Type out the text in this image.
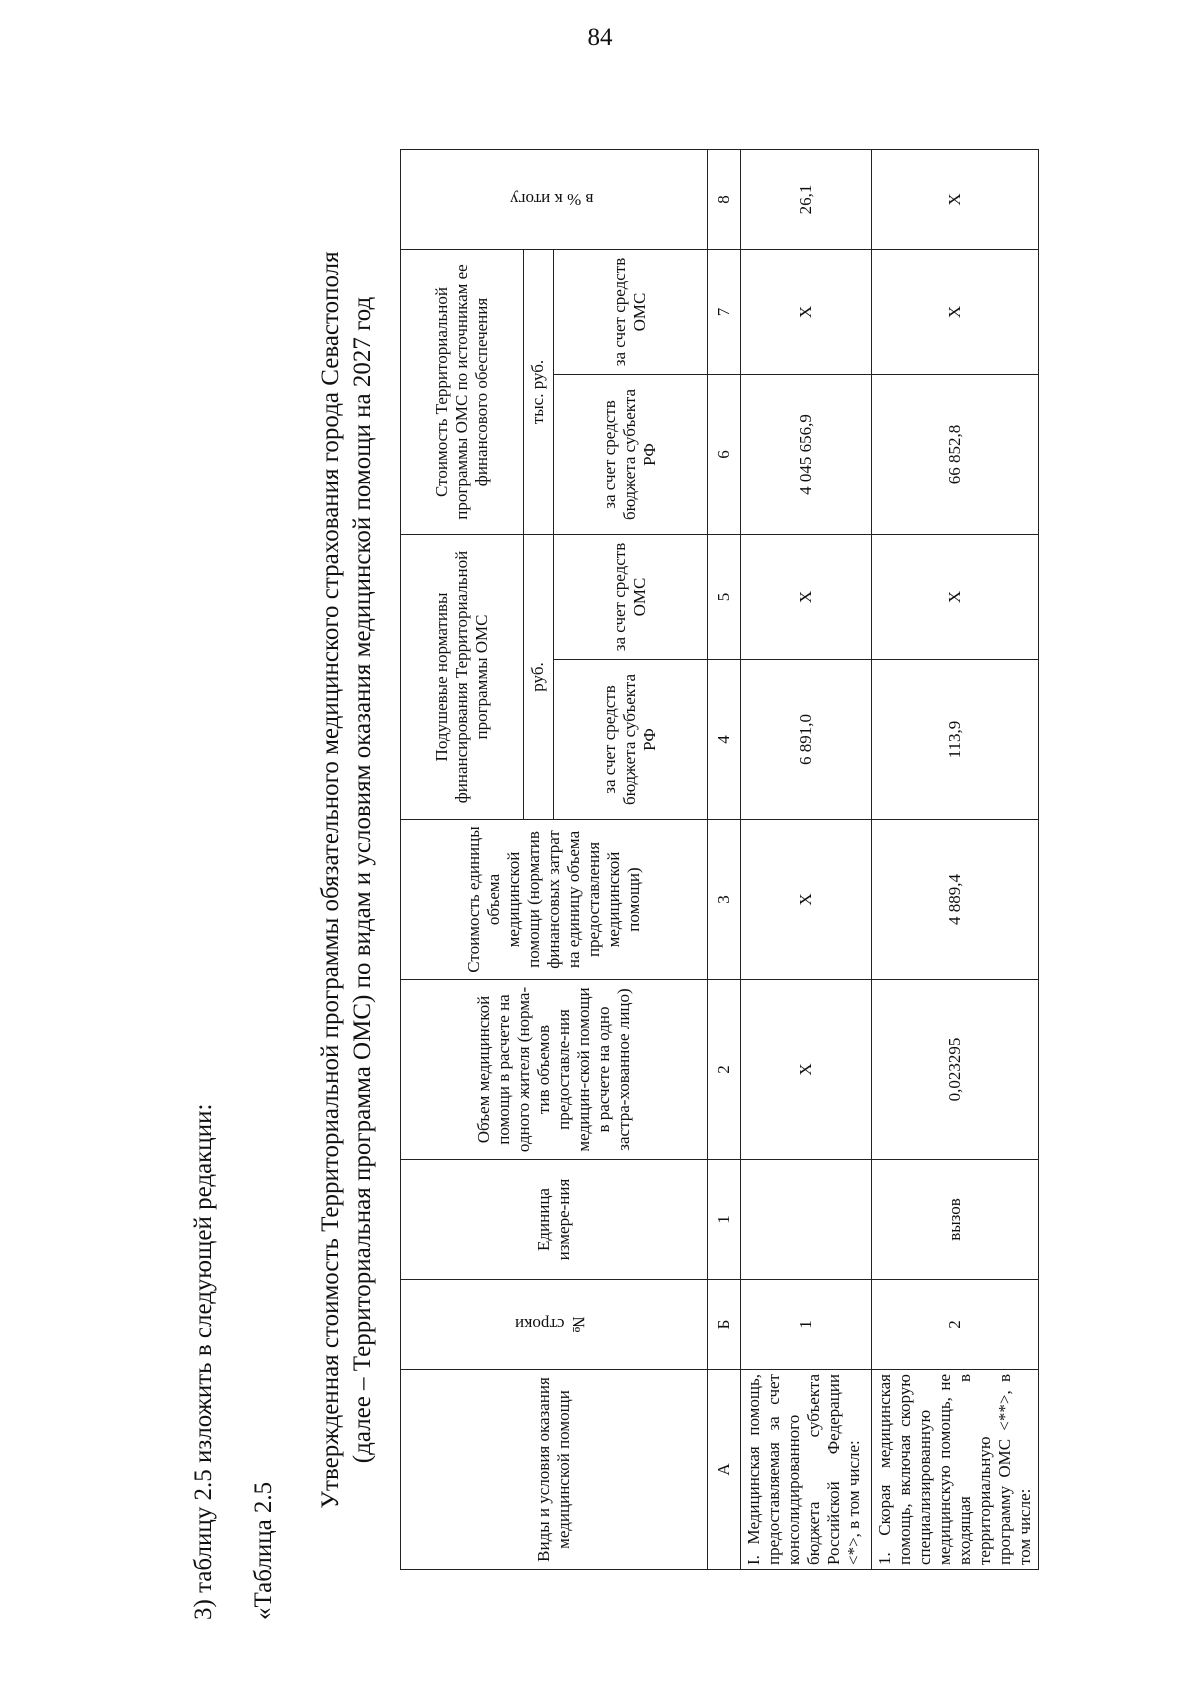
84
3) таблицу 2.5 изложить в следующей редакции: «Таблица 2.5
Утвержденная стоимость Территориальной программы обязательного медицинского страхования города Севастополя (далее – Территориальная программа ОМС) по видам и условиям оказания медицинской помощи на 2027 год
Виды и условия оказания медицинской помощи	№ строки	Единица измере-ния	Объем медицинской помощи в расчете на одного жителя (норма-тив объемов предоставле-ния медицин-ской помощи в расчете на одно застра-хованное лицо)	Стоимость единицы объема медицинской помощи (норматив финансовых затрат на единицу объема предоставления медицинской помощи)	Подушевые нормативы финансирования Территориальной программы ОМС		Стоимость Территориальной программы ОМС по источникам ее финансового обеспечения		в % к итогу
					руб.		тыс. руб.		
					за счет средств бюджета субъекта РФ	за счет средств ОМС	за счет средств бюджета субъекта РФ	за счет средств ОМС	
А	Б	1	2	3	4	5	6	7	8
I. Медицинская помощь, предоставляемая за счет консолидированного бюджета субъекта Российской Федерации <*>, в том числе:	1		X	X	6 891,0	X	4 045 656,9	X	26,1
1. Скорая медицинская помощь, включая скорую специализированную медицинскую помощь, не входящая в территориальную программу ОМС <**>, в том числе:	2	вызов	0,023295	4 889,4	113,9	X	66 852,8	X	X
